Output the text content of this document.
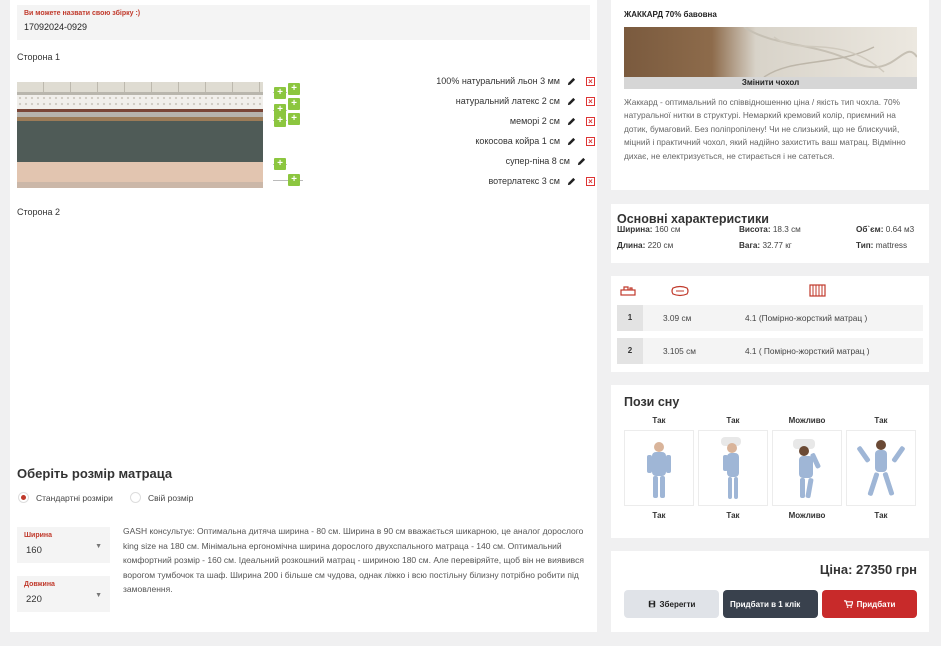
Ви можете назвати свою збірку :)
17092024-0929
Сторона 1
+ +
+
+
+ +
+
+
100% натуральний льон 3 мм	×
натуральний латекс 2 см	×
меморі 2 см	×
кокосова койра 1 см	×
супер-піна 8 см
вотерлатекс 3 см	×
Сторона 2
Оберіть розмір матраца
Стандартні розміри	Свій розмір
Ширина
160	▼
Довжина
220	▼
GASH консультує: Оптимальна дитяча ширина - 80 см. Ширина в 90 см вважається шикарною, це аналог дорослого king size на 180 см. Мінімальна ергономічна ширина дорослого двухспального матраца - 140 см. Оптимальний комфортний розмір - 160 см. Ідеальний розкошний матрац - шириною 180 см. Але перевіряйте, щоб він не виявився ворогом тумбочок та шаф. Ширина 200 і більше см чудова, однак ліжко і всю постільну білизну потрібно робити під замовлення.
ЖАККАРД 70% бавовна
Змінити чохол
Жаккард - оптимальний по співвідношенню ціна / якість тип чохла. 70% натуральної нитки в структурі. Немаркий кремовий колір, приємний на дотик, бумаговий. Без поліпропілену! Чи не слизький, що не блискучий, міцний і практичний чохол, який надійно захистить ваш матрац. Відмінно дихає, не електризується, не стирається і не сатеться.
Основні характеристики
Ширина: 160 см	Висота: 18.3 см	Об`єм: 0.64 м3
Длина: 220 см	Вага: 32.77 кг	Тип: mattress
1	3.09 см	4.1 (Помірно-жорсткий матрац )
2	3.105 см	4.1 ( Помірно-жорсткий матрац )
Пози сну
Так
Так
Так
Так
Можливо
Можливо
Так
Так
Ціна: 27350 грн
Зберегти	Придбати в 1 клік	Придбати
